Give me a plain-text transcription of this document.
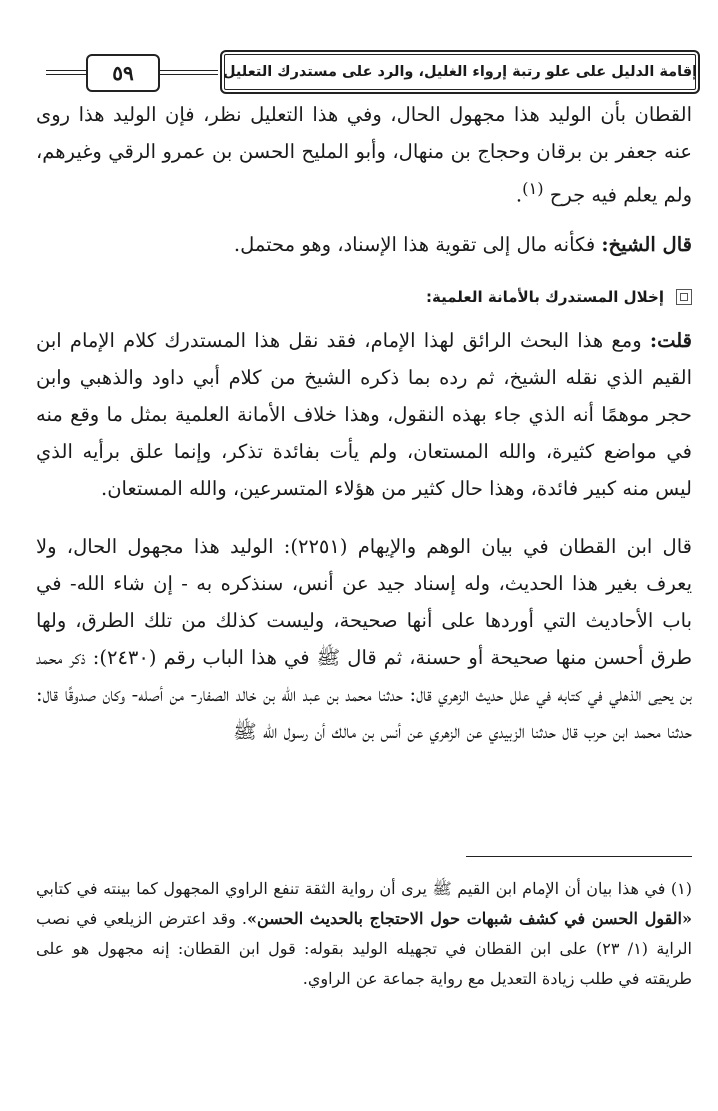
٥٩	إقامة الدليل على علو رتبة إرواء الغليل، والرد على مستدرك التعليل
القطان بأن الوليد هذا مجهول الحال، وفي هذا التعليل نظر، فإن الوليد هذا روى عنه جعفر بن برقان وحجاج بن منهال، وأبو المليح الحسن بن عمرو الرقي وغيرهم، ولم يعلم فيه جرح $^{(١)}$.
قال الشيخ: فكأنه مال إلى تقوية هذا الإسناد، وهو محتمل.
إخلال المستدرك بالأمانة العلمية:
قلت: ومع هذا البحث الرائق لهذا الإمام، فقد نقل هذا المستدرك كلام الإمام ابن القيم الذي نقله الشيخ، ثم رده بما ذكره الشيخ من كلام أبي داود والذهبي وابن حجر موهمًا أنه الذي جاء بهذه النقول، وهذا خلاف الأمانة العلمية بمثل ما وقع منه في مواضع كثيرة، والله المستعان، ولم يأت بفائدة تذكر، وإنما علق برأيه الذي ليس منه كبير فائدة، وهذا حال كثير من هؤلاء المتسرعين، والله المستعان.
قال ابن القطان في بيان الوهم والإيهام (٢٢٥١): الوليد هذا مجهول الحال، ولا يعرف بغير هذا الحديث، وله إسناد جيد عن أنس، سنذكره به - إن شاء الله- في باب الأحاديث التي أوردها على أنها صحيحة، وليست كذلك من تلك الطرق، ولها طرق أحسن منها صحيحة أو حسنة، ثم قال ﷺ في هذا الباب رقم (٢٤٣٠): ذكر محمد بن يحيى الذهلي في كتابه في علل حديث الزهري قال: حدثنا محمد بن عبد الله بن خالد الصفار- من أصله- وكان صدوقًا قال: حدثنا محمد ابن حرب قال حدثنا الزبيدي عن الزهري عن أنس بن مالك أن رسول الله ﷺ
(١) في هذا بيان أن الإمام ابن القيم ﷺ يرى أن رواية الثقة تنفع الراوي المجهول كما بينته في كتابي «القول الحسن في كشف شبهات حول الاحتجاج بالحديث الحسن». وقد اعترض الزيلعي في نصب الراية (١/ ٢٣) على ابن القطان في تجهيله الوليد بقوله: قول ابن القطان: إنه مجهول هو على طريقته في طلب زيادة التعديل مع رواية جماعة عن الراوي.
